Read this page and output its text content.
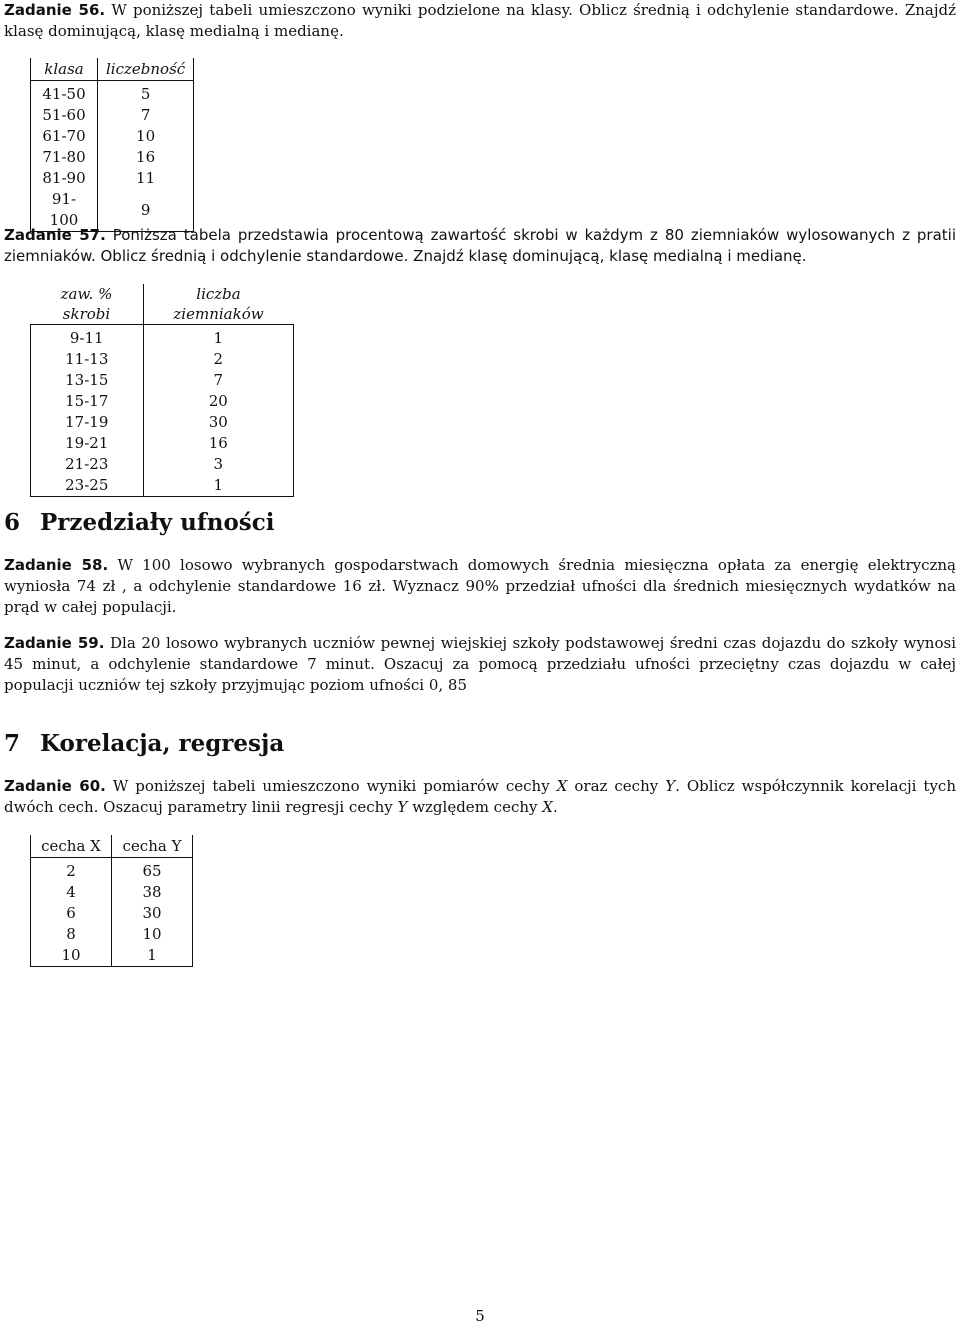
Zadanie 56. W poniższej tabeli umieszczono wyniki podzielone na klasy. Oblicz średnią i odchylenie standardowe. Znajdź klasę dominującą, klasę medialną i medianę.

klasa	liczebność
41-50	5
51-60	7
61-70	10
71-80	16
81-90	11
91-100	9

Zadanie 57. Poniższa tabela przedstawia procentową zawartość skrobi w każdym z 80 ziemniaków wylosowanych z pratii ziemniaków. Oblicz średnią i odchylenie standardowe. Znajdź klasę dominującą, klasę medialną i medianę.

zaw. % skrobi	liczba ziemniaków
9-11	1
11-13	2
13-15	7
15-17	20
17-19	30
19-21	16
21-23	3
23-25	1
6 Przedziały ufności

Zadanie 58. W 100 losowo wybranych gospodarstwach domowych średnia miesięczna opłata za energię elektryczną wyniosła 74 zł , a odchylenie standardowe 16 zł. Wyznacz 90% przedział ufności dla średnich miesięcznych wydatków na prąd w całej populacji.

Zadanie 59. Dla 20 losowo wybranych uczniów pewnej wiejskiej szkoły podstawowej średni czas dojazdu do szkoły wynosi 45 minut, a odchylenie standardowe 7 minut. Oszacuj za pomocą przedziału ufności przeciętny czas dojazdu w całej populacji uczniów tej szkoły przyjmując poziom ufności 0, 85

7 Korelacja, regresja

Zadanie 60. W poniższej tabeli umieszczono wyniki pomiarów cechy X oraz cechy Y. Oblicz współczynnik korelacji tych dwóch cech. Oszacuj parametry linii regresji cechy Y względem cechy X.

cecha X	cecha Y
2	65
4	38
6	30
8	10
10	1
5
